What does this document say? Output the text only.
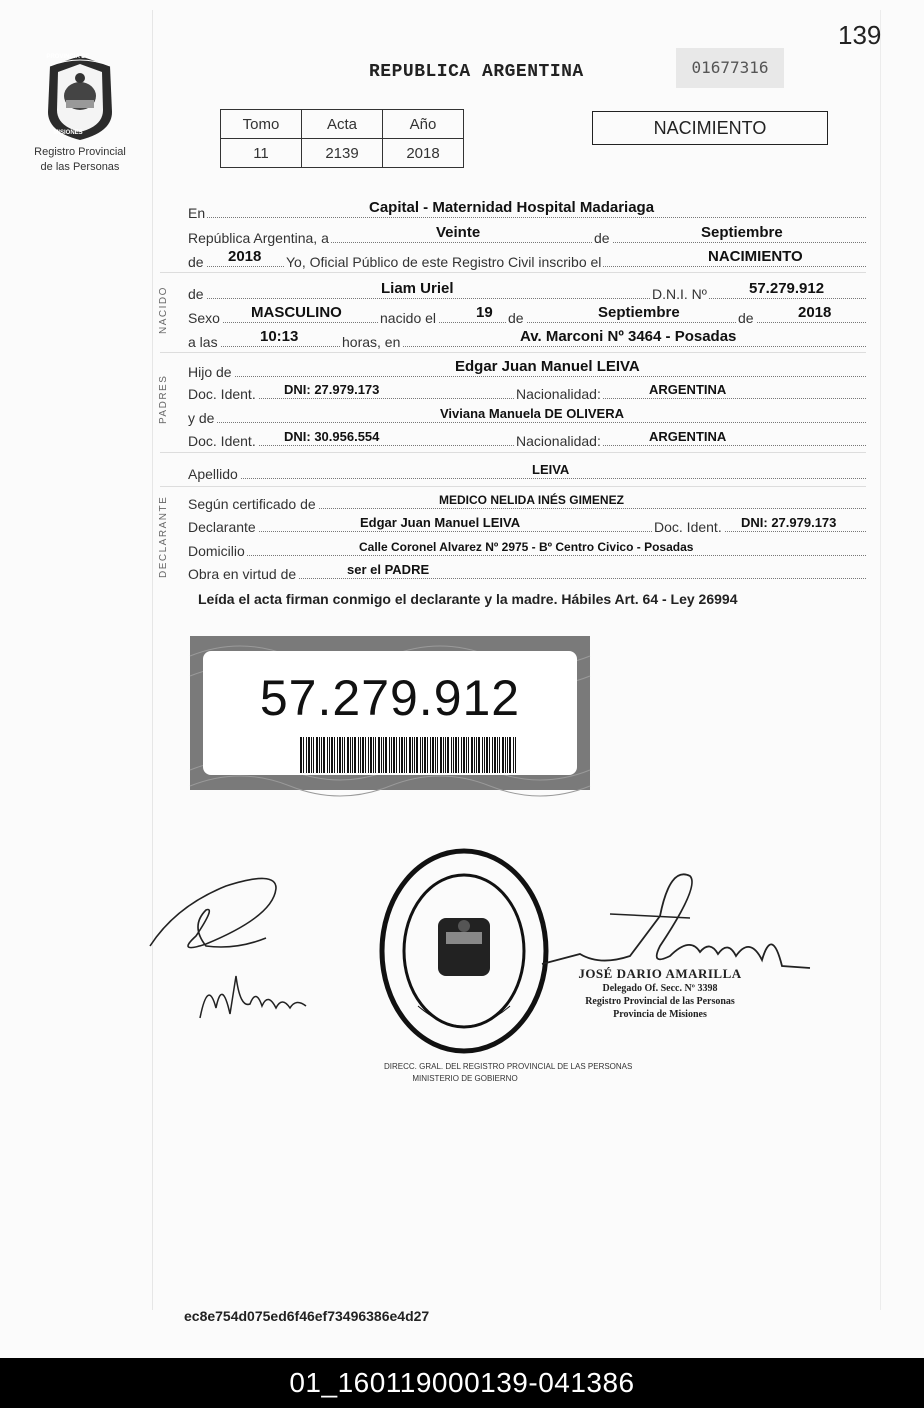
139
PROVINCIA DE
MISIONES
Registro Provincial
de las Personas
REPUBLICA ARGENTINA	01677316
Tomo	Acta	Año
11	2139	2018
NACIMIENTO
NACIDO
PADRES
DECLARANTE
En	Capital - Maternidad Hospital Madariaga
República Argentina, a	Veinte	de	Septiembre
de 2018 Yo, Oficial Público de este Registro Civil inscribo el	NACIMIENTO
de	Liam Uriel	D.N.I. Nº	57.279.912
Sexo MASCULINO	nacido el	19 de	Septiembre	de	2018
a las	10:13	horas, en	Av. Marconi Nº 3464 - Posadas
Hijo de	Edgar Juan Manuel LEIVA
Doc. Ident. DNI: 27.979.173	Nacionalidad:	ARGENTINA
y de	Viviana Manuela DE OLIVERA
Doc. Ident. DNI: 30.956.554	Nacionalidad:	ARGENTINA
Apellido	LEIVA
Según certificado de	MEDICO NELIDA INÉS GIMENEZ
Declarante	Edgar Juan Manuel LEIVA	Doc. Ident. DNI: 27.979.173
Domicilio	Calle Coronel Alvarez Nº 2975 - Bº Centro Civico - Posadas
Obra en virtud de	ser el PADRE
Leída el acta firman conmigo el declarante y la madre. Hábiles Art. 64 - Ley 26994
57.279.912
DIRECC. GRAL. DEL REGISTRO PROVINCIAL DE LAS PERSONAS
MINISTERIO DE GOBIERNO
JOSÉ DARIO AMARILLA
Delegado Of. Secc. Nº 3398
Registro Provincial de las Personas
Provincia de Misiones
ec8e754d075ed6f46ef73496386e4d27
01_160119000139-041386
